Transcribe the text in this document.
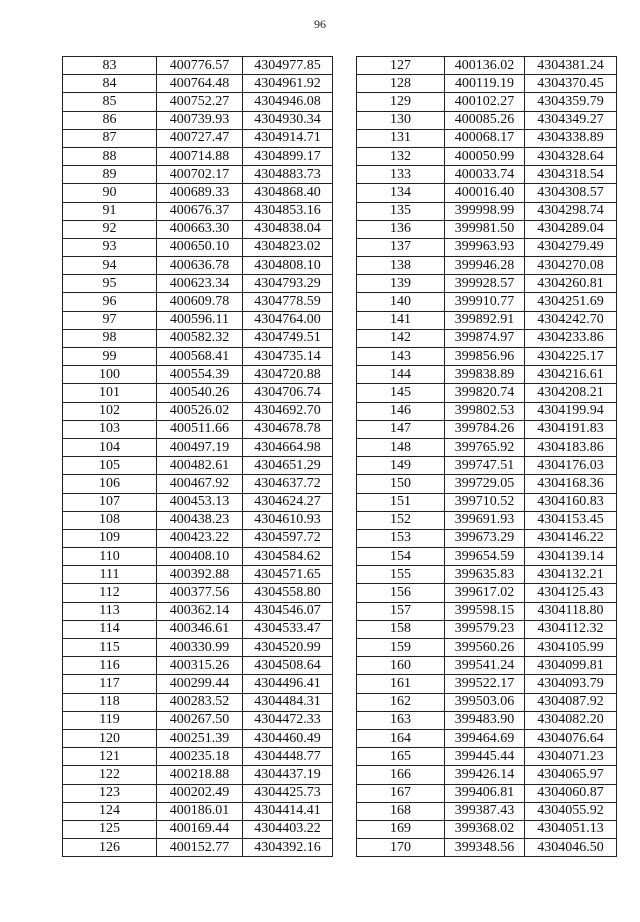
96
83	400776.57	4304977.85
84	400764.48	4304961.92
85	400752.27	4304946.08
86	400739.93	4304930.34
87	400727.47	4304914.71
88	400714.88	4304899.17
89	400702.17	4304883.73
90	400689.33	4304868.40
91	400676.37	4304853.16
92	400663.30	4304838.04
93	400650.10	4304823.02
94	400636.78	4304808.10
95	400623.34	4304793.29
96	400609.78	4304778.59
97	400596.11	4304764.00
98	400582.32	4304749.51
99	400568.41	4304735.14
100	400554.39	4304720.88
101	400540.26	4304706.74
102	400526.02	4304692.70
103	400511.66	4304678.78
104	400497.19	4304664.98
105	400482.61	4304651.29
106	400467.92	4304637.72
107	400453.13	4304624.27
108	400438.23	4304610.93
109	400423.22	4304597.72
110	400408.10	4304584.62
111	400392.88	4304571.65
112	400377.56	4304558.80
113	400362.14	4304546.07
114	400346.61	4304533.47
115	400330.99	4304520.99
116	400315.26	4304508.64
117	400299.44	4304496.41
118	400283.52	4304484.31
119	400267.50	4304472.33
120	400251.39	4304460.49
121	400235.18	4304448.77
122	400218.88	4304437.19
123	400202.49	4304425.73
124	400186.01	4304414.41
125	400169.44	4304403.22
126	400152.77	4304392.16
127	400136.02	4304381.24
128	400119.19	4304370.45
129	400102.27	4304359.79
130	400085.26	4304349.27
131	400068.17	4304338.89
132	400050.99	4304328.64
133	400033.74	4304318.54
134	400016.40	4304308.57
135	399998.99	4304298.74
136	399981.50	4304289.04
137	399963.93	4304279.49
138	399946.28	4304270.08
139	399928.57	4304260.81
140	399910.77	4304251.69
141	399892.91	4304242.70
142	399874.97	4304233.86
143	399856.96	4304225.17
144	399838.89	4304216.61
145	399820.74	4304208.21
146	399802.53	4304199.94
147	399784.26	4304191.83
148	399765.92	4304183.86
149	399747.51	4304176.03
150	399729.05	4304168.36
151	399710.52	4304160.83
152	399691.93	4304153.45
153	399673.29	4304146.22
154	399654.59	4304139.14
155	399635.83	4304132.21
156	399617.02	4304125.43
157	399598.15	4304118.80
158	399579.23	4304112.32
159	399560.26	4304105.99
160	399541.24	4304099.81
161	399522.17	4304093.79
162	399503.06	4304087.92
163	399483.90	4304082.20
164	399464.69	4304076.64
165	399445.44	4304071.23
166	399426.14	4304065.97
167	399406.81	4304060.87
168	399387.43	4304055.92
169	399368.02	4304051.13
170	399348.56	4304046.50
